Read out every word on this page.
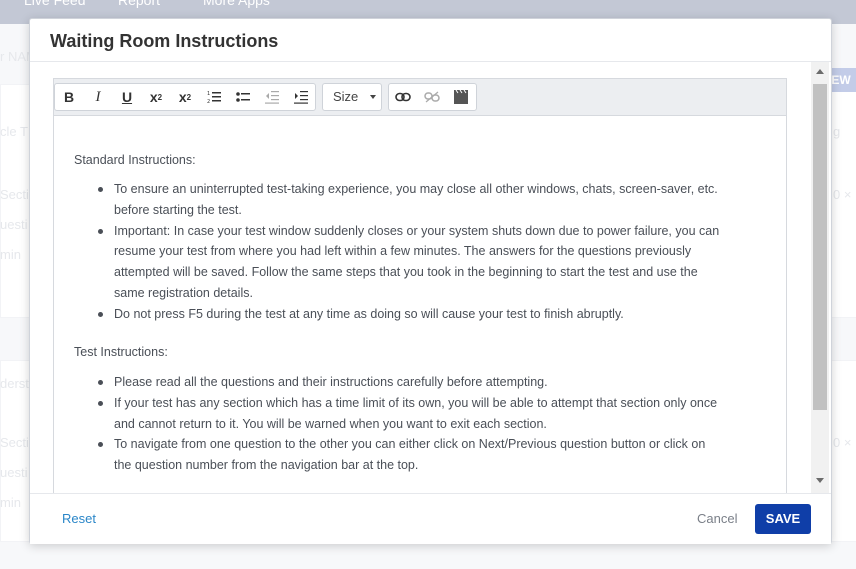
Waiting Room Instructions
B	I	U	x 2	x 2	1
2	Size
Standard Instructions:
To ensure an uninterrupted test-taking experience, you may close all other windows, chats, screen-saver, etc. before starting the test.
Important: In case your test window suddenly closes or your system shuts down due to power failure, you can resume your test from where you had left within a few minutes. The answers for the questions previously attempted will be saved. Follow the same steps that you took in the beginning to start the test and use the same registration details.
Do not press F5 during the test at any time as doing so will cause your test to finish abruptly.
Test Instructions:
Please read all the questions and their instructions carefully before attempting.
If your test has any section which has a time limit of its own, you will be able to attempt that section only once and cannot return to it. You will be warned when you want to exit each section.
To navigate from one question to the other you can either click on Next/Previous question button or click on the question number from the navigation bar at the top.
Reset	Cancel	SAVE
